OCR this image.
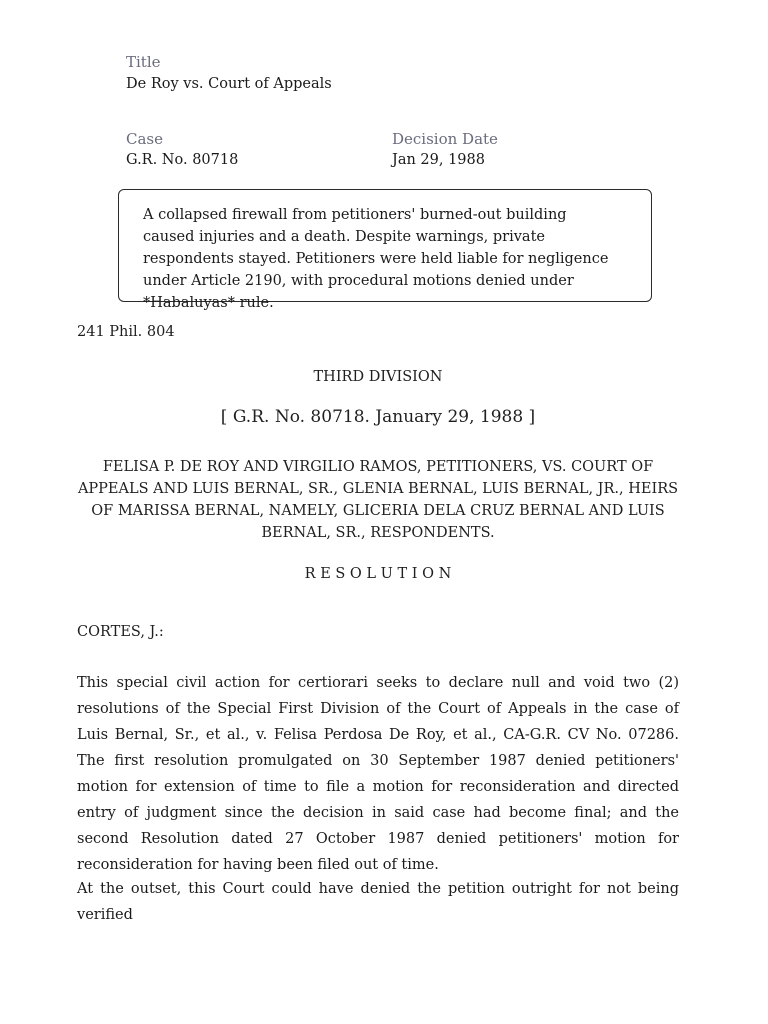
Title
De Roy vs. Court of Appeals
Case
G.R. No. 80718
Decision Date
Jan 29, 1988
A collapsed firewall from petitioners' burned-out building caused injuries and a death. Despite warnings, private respondents stayed. Petitioners were held liable for negligence under Article 2190, with procedural motions denied under *Habaluyas* rule.
241 Phil. 804
THIRD DIVISION
[ G.R. No. 80718. January 29, 1988 ]
FELISA P. DE ROY AND VIRGILIO RAMOS, PETITIONERS, VS. COURT OF APPEALS AND LUIS BERNAL, SR., GLENIA BERNAL, LUIS BERNAL, JR., HEIRS OF MARISSA BERNAL, NAMELY, GLICERIA DELA CRUZ BERNAL AND LUIS BERNAL, SR., RESPONDENTS.
R E S O L U T I O N
CORTES, J.:
This special civil action for certiorari seeks to declare null and void two (2) resolutions of the Special First Division of the Court of Appeals in the case of Luis Bernal, Sr., et al., v. Felisa Perdosa De Roy, et al., CA-G.R. CV No. 07286. The first resolution promulgated on 30 September 1987 denied petitioners' motion for extension of time to file a motion for reconsideration and directed entry of judgment since the decision in said case had become final; and the second Resolution dated 27 October 1987 denied petitioners' motion for reconsideration for having been filed out of time.
At the outset, this Court could have denied the petition outright for not being verified
